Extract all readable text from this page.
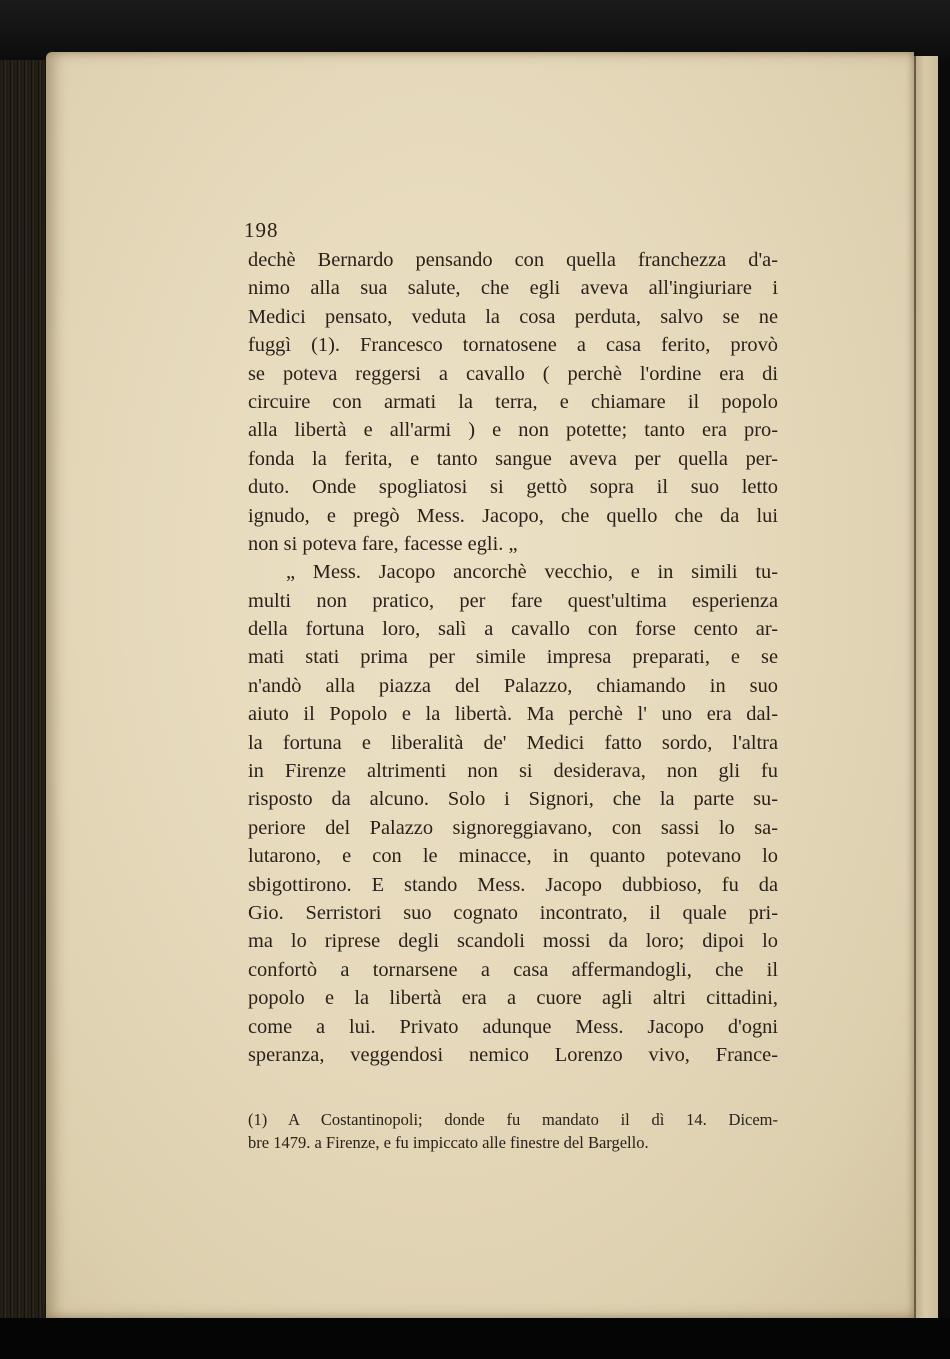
198
dechè Bernardo pensando con quella franchezza d'a-
nimo alla sua salute, che egli aveva all'ingiuriare i
Medici pensato, veduta la cosa perduta, salvo se ne
fuggì (1). Francesco tornatosene a casa ferito, provò
se poteva reggersi a cavallo ( perchè l'ordine era di
circuire con armati la terra, e chiamare il popolo
alla libertà e all'armi ) e non potette; tanto era pro-
fonda la ferita, e tanto sangue aveva per quella per-
duto. Onde spogliatosi si gettò sopra il suo letto
ignudo, e pregò Mess. Jacopo, che quello che da lui
non si poteva fare, facesse egli. „
„ Mess. Jacopo ancorchè vecchio, e in simili tu-
multi non pratico, per fare quest'ultima esperienza
della fortuna loro, salì a cavallo con forse cento ar-
mati stati prima per simile impresa preparati, e se
n'andò alla piazza del Palazzo, chiamando in suo
aiuto il Popolo e la libertà. Ma perchè l' uno era dal-
la fortuna e liberalità de' Medici fatto sordo, l'altra
in Firenze altrimenti non si desiderava, non gli fu
risposto da alcuno. Solo i Signori, che la parte su-
periore del Palazzo signoreggiavano, con sassi lo sa-
lutarono, e con le minacce, in quanto potevano lo
sbigottirono. E stando Mess. Jacopo dubbioso, fu da
Gio. Serristori suo cognato incontrato, il quale pri-
ma lo riprese degli scandoli mossi da loro; dipoi lo
confortò a tornarsene a casa affermandogli, che il
popolo e la libertà era a cuore agli altri cittadini,
come a lui. Privato adunque Mess. Jacopo d'ogni
speranza, veggendosi nemico Lorenzo vivo, France-
(1) A Costantinopoli; donde fu mandato il dì 14. Dicem-
bre 1479. a Firenze, e fu impiccato alle finestre del Bargello.
